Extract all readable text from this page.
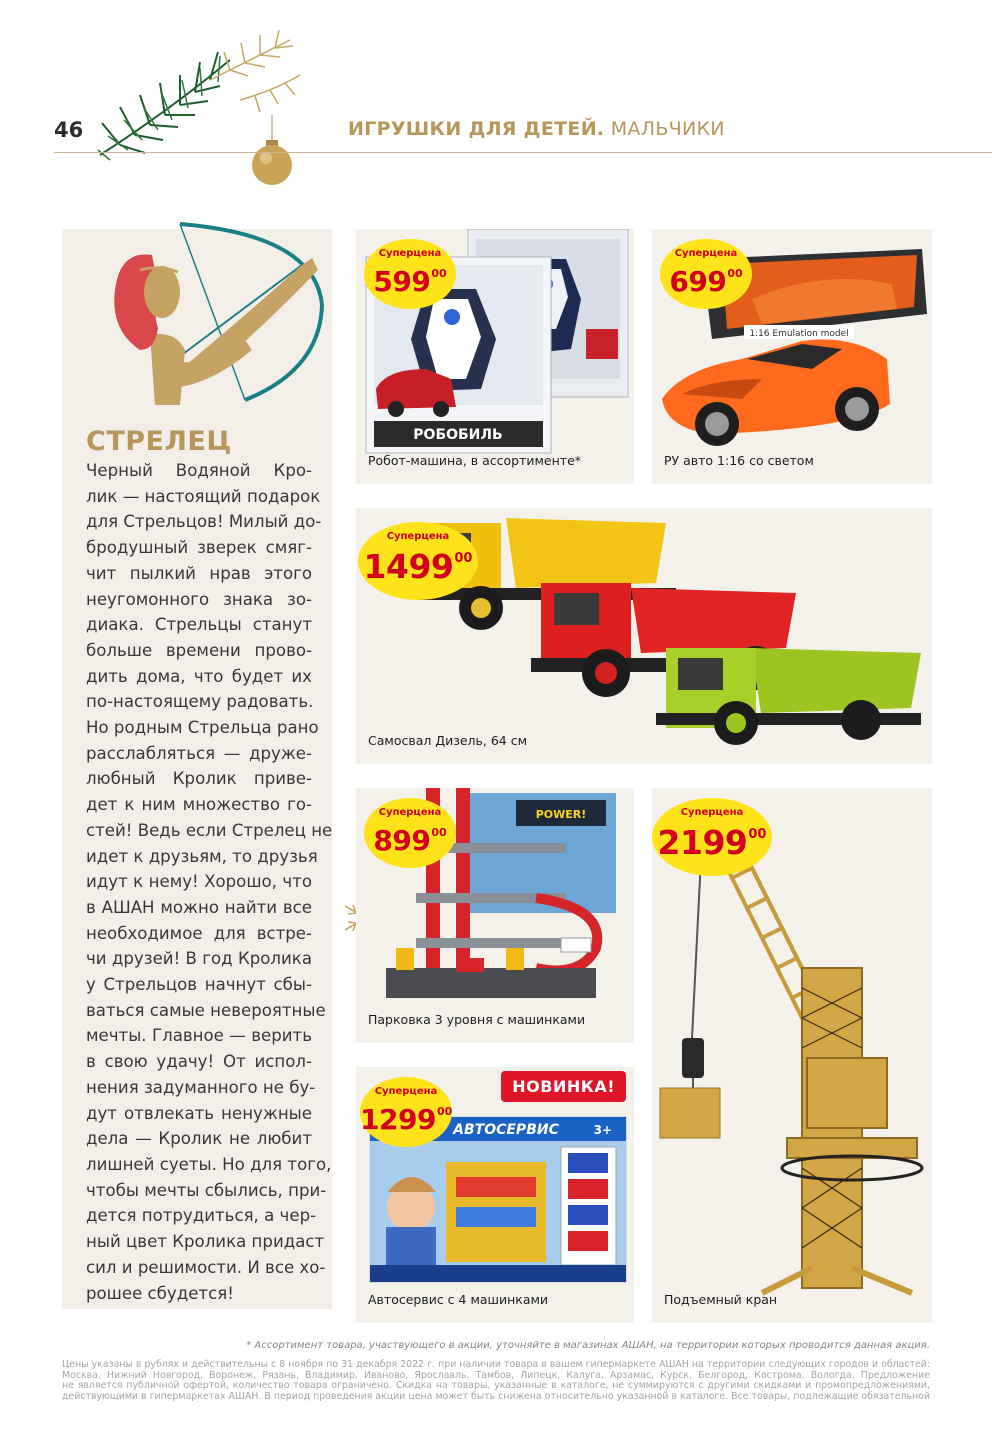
46	ИГРУШКИ ДЛЯ ДЕТЕЙ. МАЛЬЧИКИ
СТРЕЛЕЦ
Черный Водяной Кро-
лик — настоящий подарок
для Стрельцов! Милый до-
бродушный зверек смяг-
чит пылкий нрав этого
неугомонного знака зо-
диака. Стрельцы станут
больше времени прово-
дить дома, что будет их
по-настоящему радовать.
Но родным Стрельца рано
расслабляться — друже-
любный Кролик приве-
дет к ним множество го-
стей! Ведь если Стрелец не
идет к друзьям, то друзья
идут к нему! Хорошо, что
в АШАН можно найти все
необходимое для встре-
чи друзей! В год Кролика
у Стрельцов начнут сбы-
ваться самые невероятные
мечты. Главное — верить
в свою удачу! От испол-
нения задуманного не бу-
дут отвлекать ненужные
дела — Кролик не любит
лишней суеты. Но для того,
чтобы мечты сбылись, при-
дется потрудиться, а чер-
ный цвет Кролика придаст
сил и решимости. И все хо-
рошее сбудется!
РОБОБИЛЬ
Суперцена
$599^{00}$
Робот-машина, в ассортименте*
1:16 Emulation model
Суперцена
$699^{00}$
РУ авто 1:16 со светом
Суперцена
1499$^{00}$
Самосвал Дизель, 64 см
POWER!
Суперцена
$899^{00}$
Парковка 3 уровня с машинками
Суперцена
2199$^{00}$
Подъемный кран
АВТОСЕРВИС	3+
НОВИНКА!
Суперцена
1299$^{00}$
Автосервис с 4 машинками
* Ассортимент товара, участвующего в акции, уточняйте в магазинах АШАН, на территории которых проводится данная акция.
Цены указаны в рублях и действительны с 8 ноября по 31 декабря 2022 г. при наличии товара в вашем гипермаркете АШАН на территории следующих городов и областей:
Москва, Нижний Новгород, Воронеж, Рязань, Владимир, Иваново, Ярославль, Тамбов, Липецк, Калуга, Арзамас, Курск, Белгород, Кострома, Вологда. Предложение
не является публичной офертой, количество товара ограничено. Скидка на товары, указанные в каталоге, не суммируются с другими скидками и промопредложениями,
действующими в гипермаркетах АШАН. В период проведения акции цена может быть снижена относительно указанной в каталоге. Все товары, подлежащие обязательной
